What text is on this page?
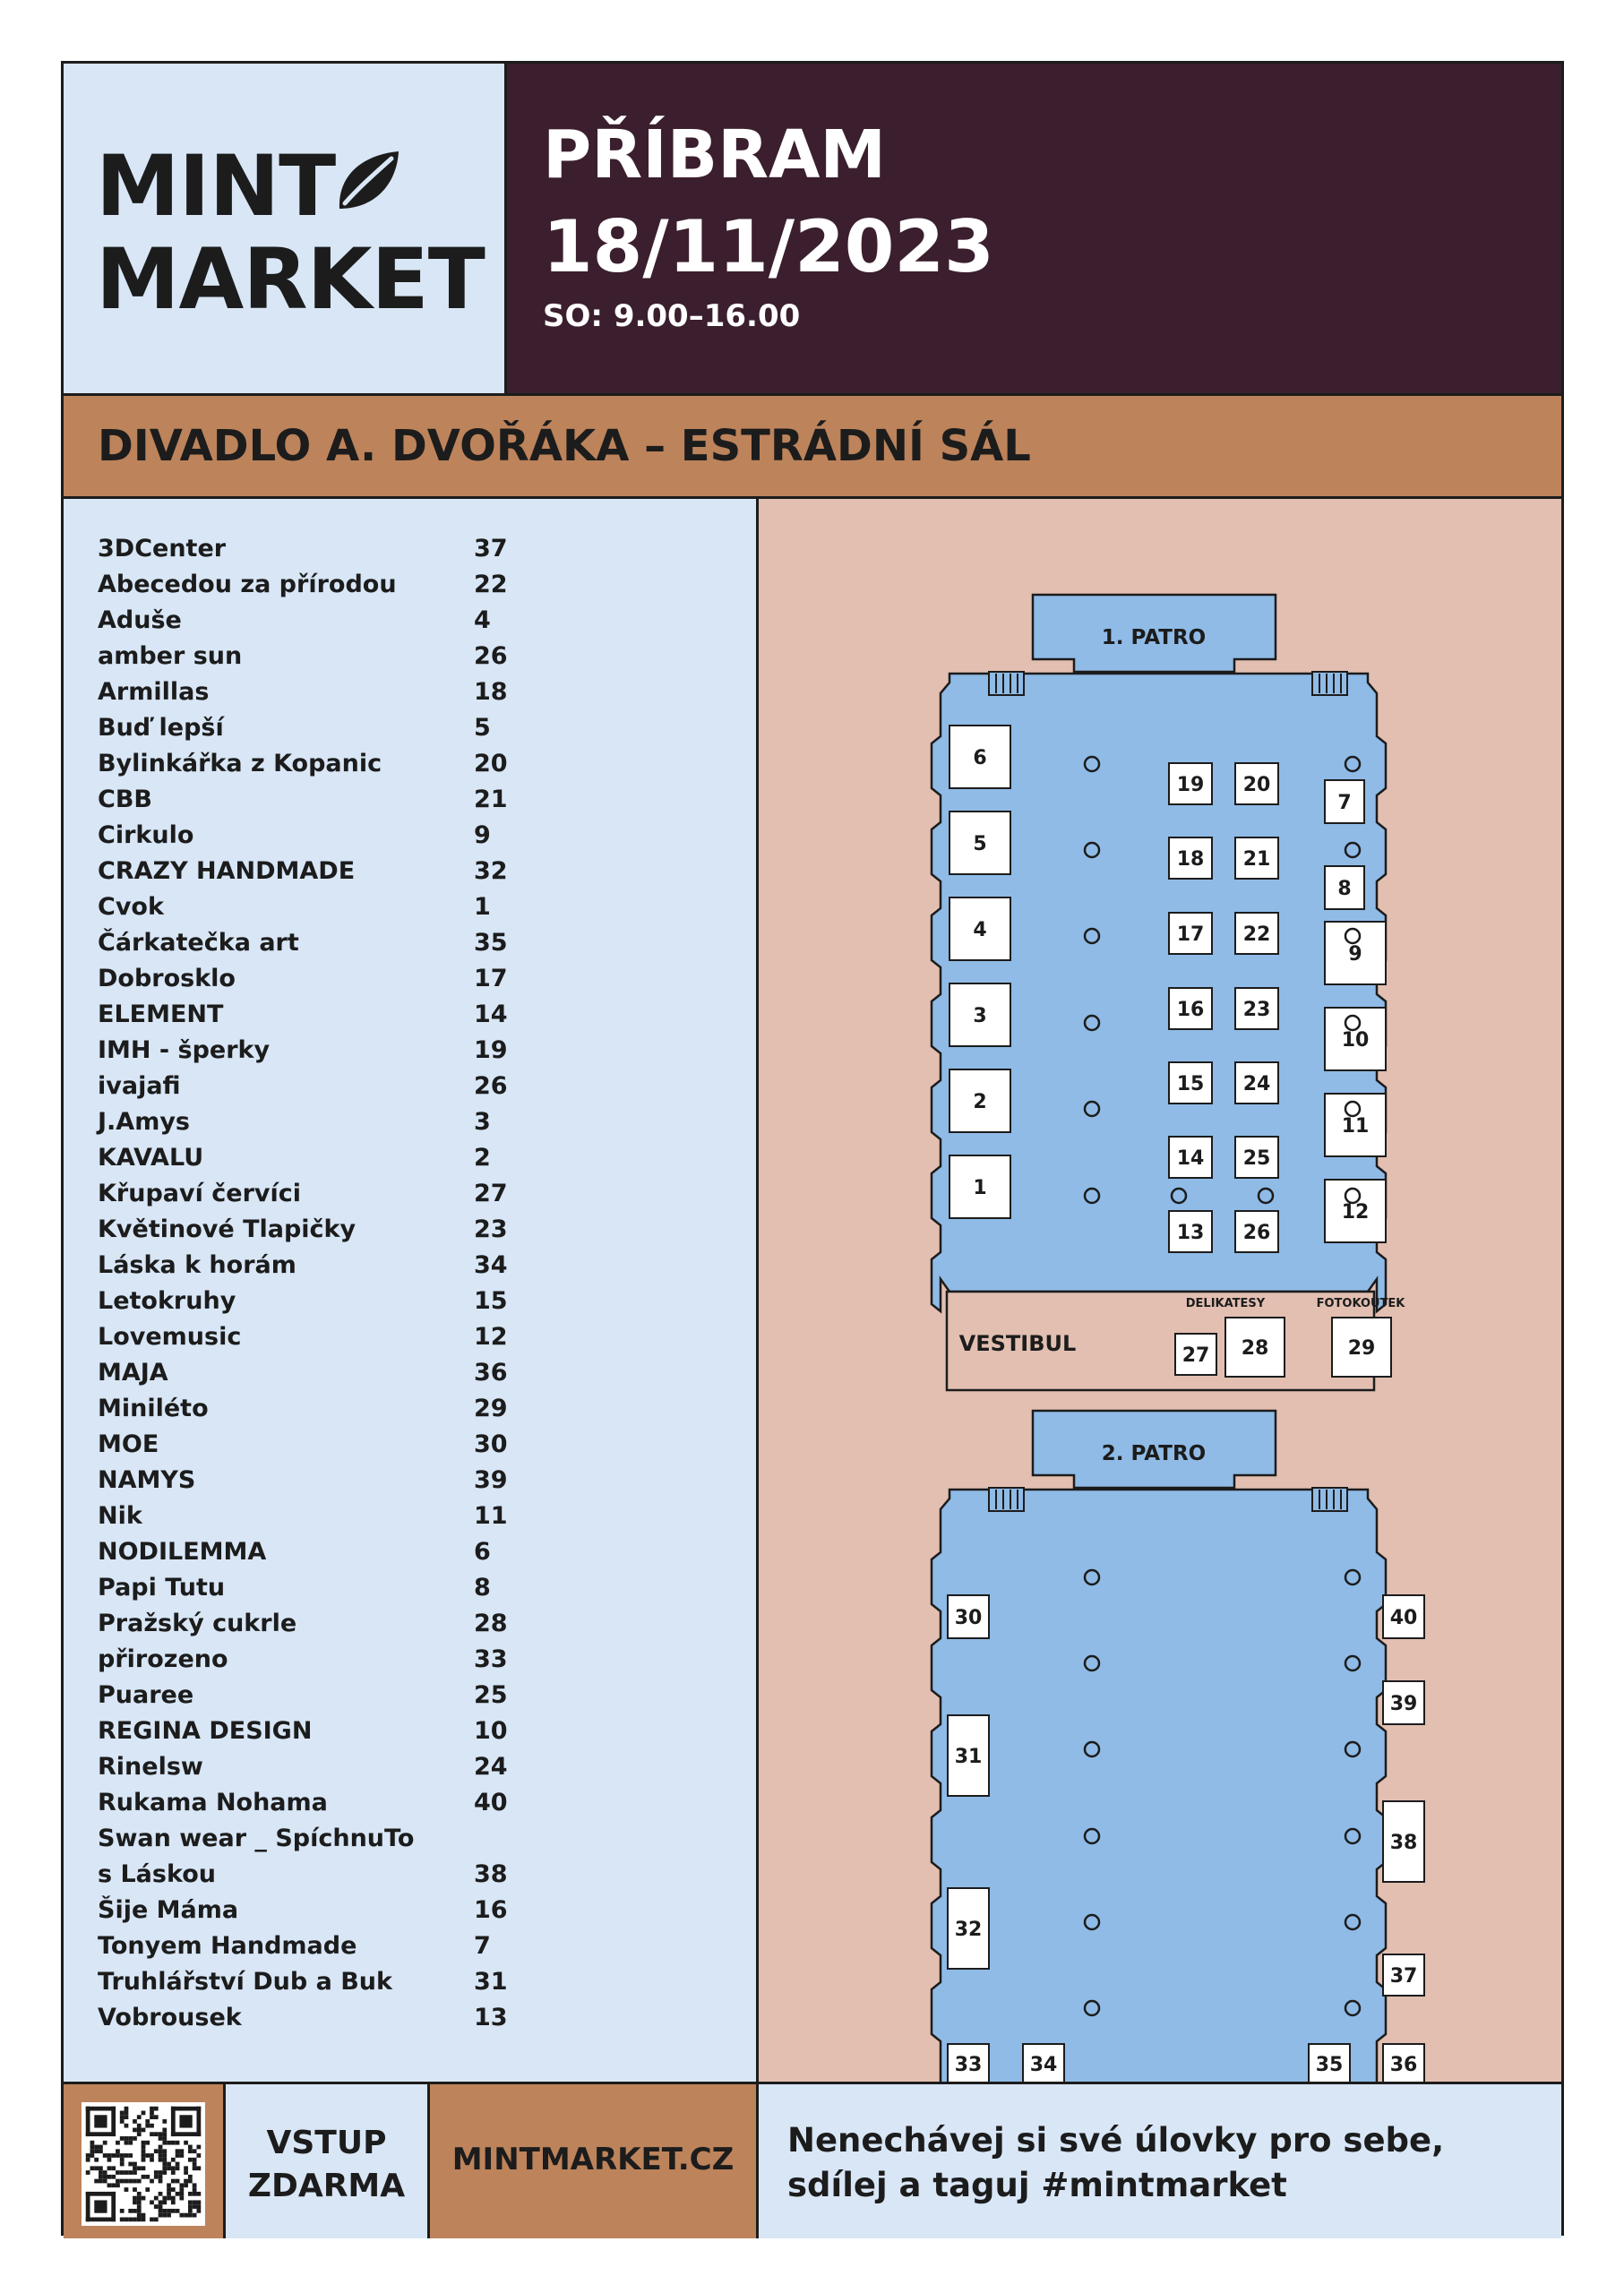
MINT
MARKET
PŘÍBRAM
18/11/2023
SO: 9.00–16.00
DIVADLO A. DVOŘÁKA – ESTRÁDNÍ SÁL
3DCenter	37
Abecedou za přírodou	22
Aduše	4
amber sun	26
Armillas	18
Buď lepší	5
Bylinkářka z Kopanic	20
CBB	21
Cirkulo	9
CRAZY HANDMADE	32
Cvok	1
Čárkatečka art	35
Dobrosklo	17
ELEMENT	14
IMH - šperky	19
ivajafi	26
J.Amys	3
KAVALU	2
Křupaví červíci	27
Květinové Tlapičky	23
Láska k horám	34
Letokruhy	15
Lovemusic	12
MAJA	36
Miniléto	29
MOE	30
NAMYS	39
Nik	11
NODILEMMA	6
Papi Tutu	8
Pražský cukrle	28
přirozeno	33
Puaree	25
REGINA DESIGN	10
Rinelsw	24
Rukama Nohama	40
Swan wear _ SpíchnuTo
s Láskou	38
Šije Máma	16
Tonyem Handmade	7
Truhlářství Dub a Buk	31
Vobrousek	13
1. PATRO
6
5
4
3
2
1
7
8
9
10
11
12
19 20
18 21
17 22
16 23
15 24
14 25
13 26
VESTIBUL
DELIKATESY	FOTOKOUTEK
27 28	29
2. PATRO
30
31
32
33 34	35 36
37
38
39
40
VSTUP
ZDARMA
MINTMARKET.CZ	Nenechávej si své úlovky pro sebe,
sdílej a taguj #mintmarket
